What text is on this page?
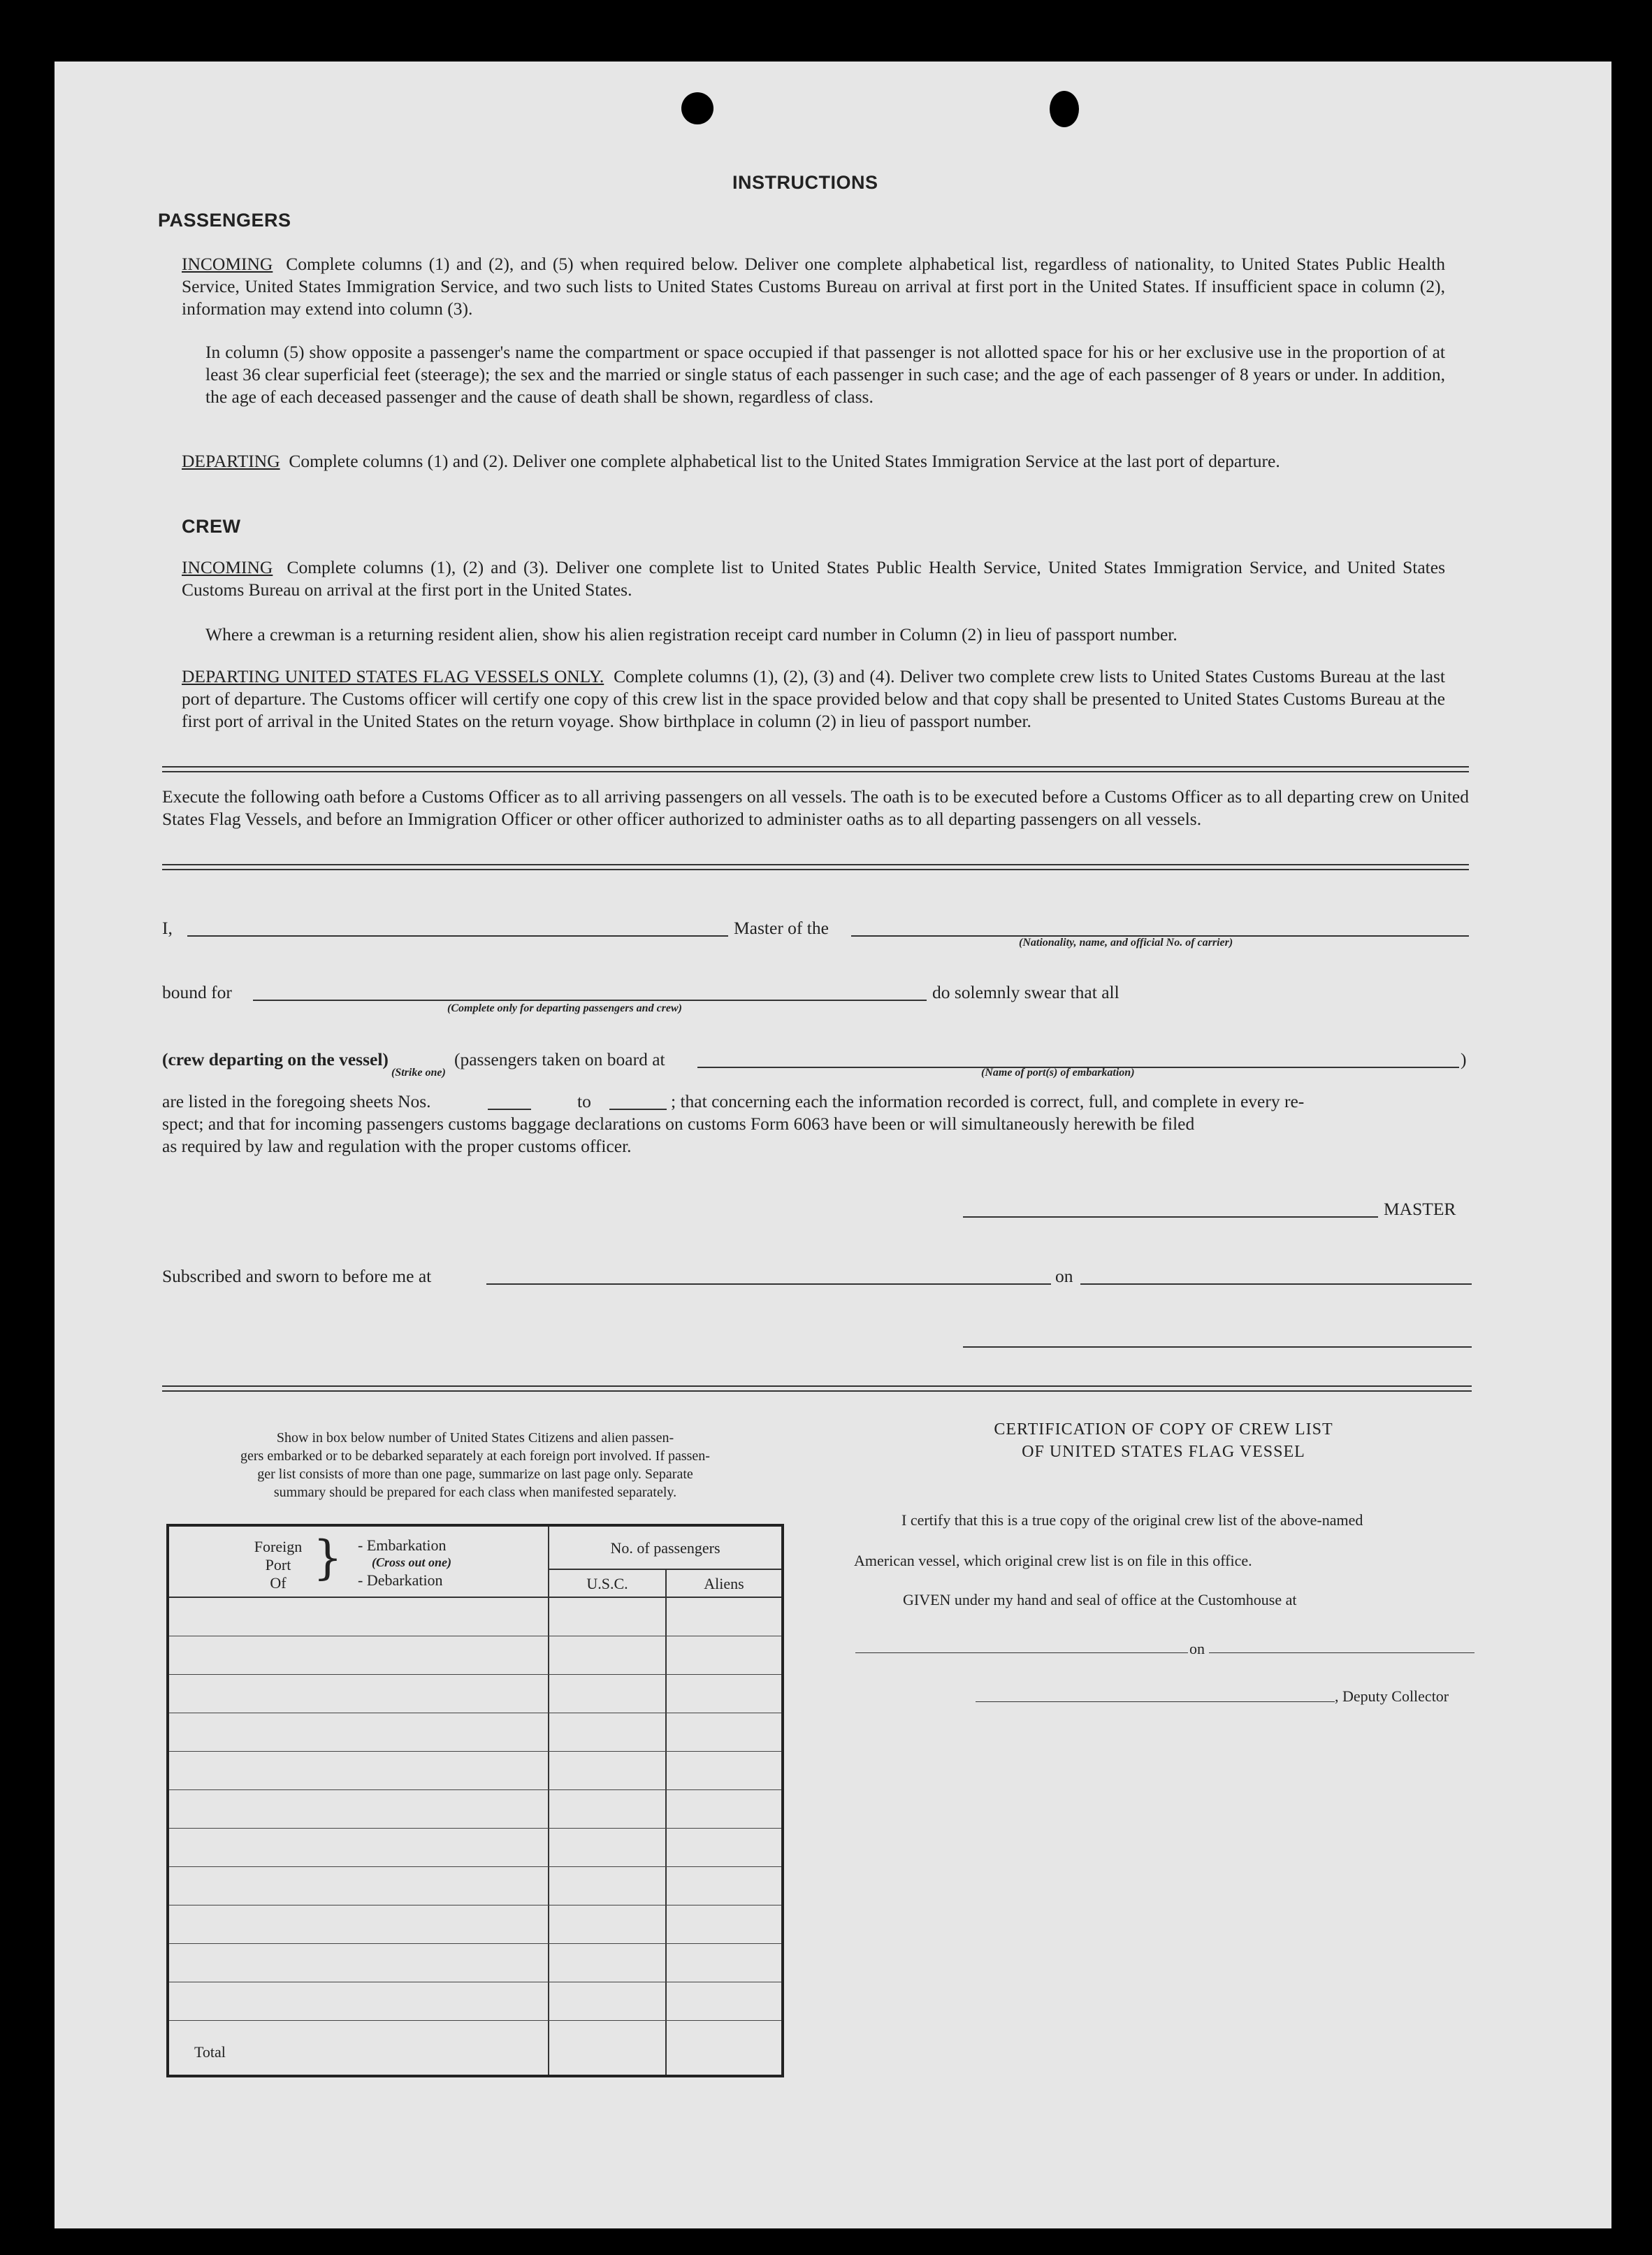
INSTRUCTIONS
PASSENGERS
INCOMING Complete columns (1) and (2), and (5) when required below. Deliver one complete alphabetical list, regardless of nationality, to United States Public Health Service, United States Immigration Service, and two such lists to United States Customs Bureau on arrival at first port in the United States. If insufficient space in column (2), information may extend into column (3).
In column (5) show opposite a passenger's name the compartment or space occupied if that passenger is not allotted space for his or her exclusive use in the proportion of at least 36 clear superficial feet (steerage); the sex and the married or single status of each passenger in such case; and the age of each passenger of 8 years or under. In addition, the age of each deceased passenger and the cause of death shall be shown, regardless of class.
DEPARTING Complete columns (1) and (2). Deliver one complete alphabetical list to the United States Immigration Service at the last port of departure.
CREW
INCOMING Complete columns (1), (2) and (3). Deliver one complete list to United States Public Health Service, United States Immigration Service, and United States Customs Bureau on arrival at the first port in the United States.
Where a crewman is a returning resident alien, show his alien registration receipt card number in Column (2) in lieu of passport number.
DEPARTING UNITED STATES FLAG VESSELS ONLY. Complete columns (1), (2), (3) and (4). Deliver two complete crew lists to United States Customs Bureau at the last port of departure. The Customs officer will certify one copy of this crew list in the space provided below and that copy shall be presented to United States Customs Bureau at the first port of arrival in the United States on the return voyage. Show birthplace in column (2) in lieu of passport number.
Execute the following oath before a Customs Officer as to all arriving passengers on all vessels. The oath is to be executed before a Customs Officer as to all departing crew on United States Flag Vessels, and before an Immigration Officer or other officer authorized to administer oaths as to all departing passengers on all vessels.
I,	Master of the
(Nationality, name, and official No. of carrier)
bound for	do solemnly swear that all
(Complete only for departing passengers and crew)
(crew departing on the vessel)	(passengers taken on board at	)
(Strike one)	(Name of port(s) of embarkation)
are listed in the foregoing sheets Nos.	to	; that concerning each the information recorded is correct, full, and complete in every re-
spect; and that for incoming passengers customs baggage declarations on customs Form 6063 have been or will simultaneously herewith be filed
as required by law and regulation with the proper customs officer.
MASTER
Subscribed and sworn to before me at	on
Show in box below number of United States Citizens and alien passen-
gers embarked or to be debarked separately at each foreign port involved. If passen-
ger list consists of more than one page, summarize on last page only. Separate
summary should be prepared for each class when manifested separately.
Foreign
Port
Of } - Embarkation
(Cross out one)
- Debarkation
No. of passengers
U.S.C.	Aliens
Total
CERTIFICATION OF COPY OF CREW LIST
OF UNITED STATES FLAG VESSEL
I certify that this is a true copy of the original crew list of the above-named
American vessel, which original crew list is on file in this office.
GIVEN under my hand and seal of office at the Customhouse at
on
, Deputy Collector
